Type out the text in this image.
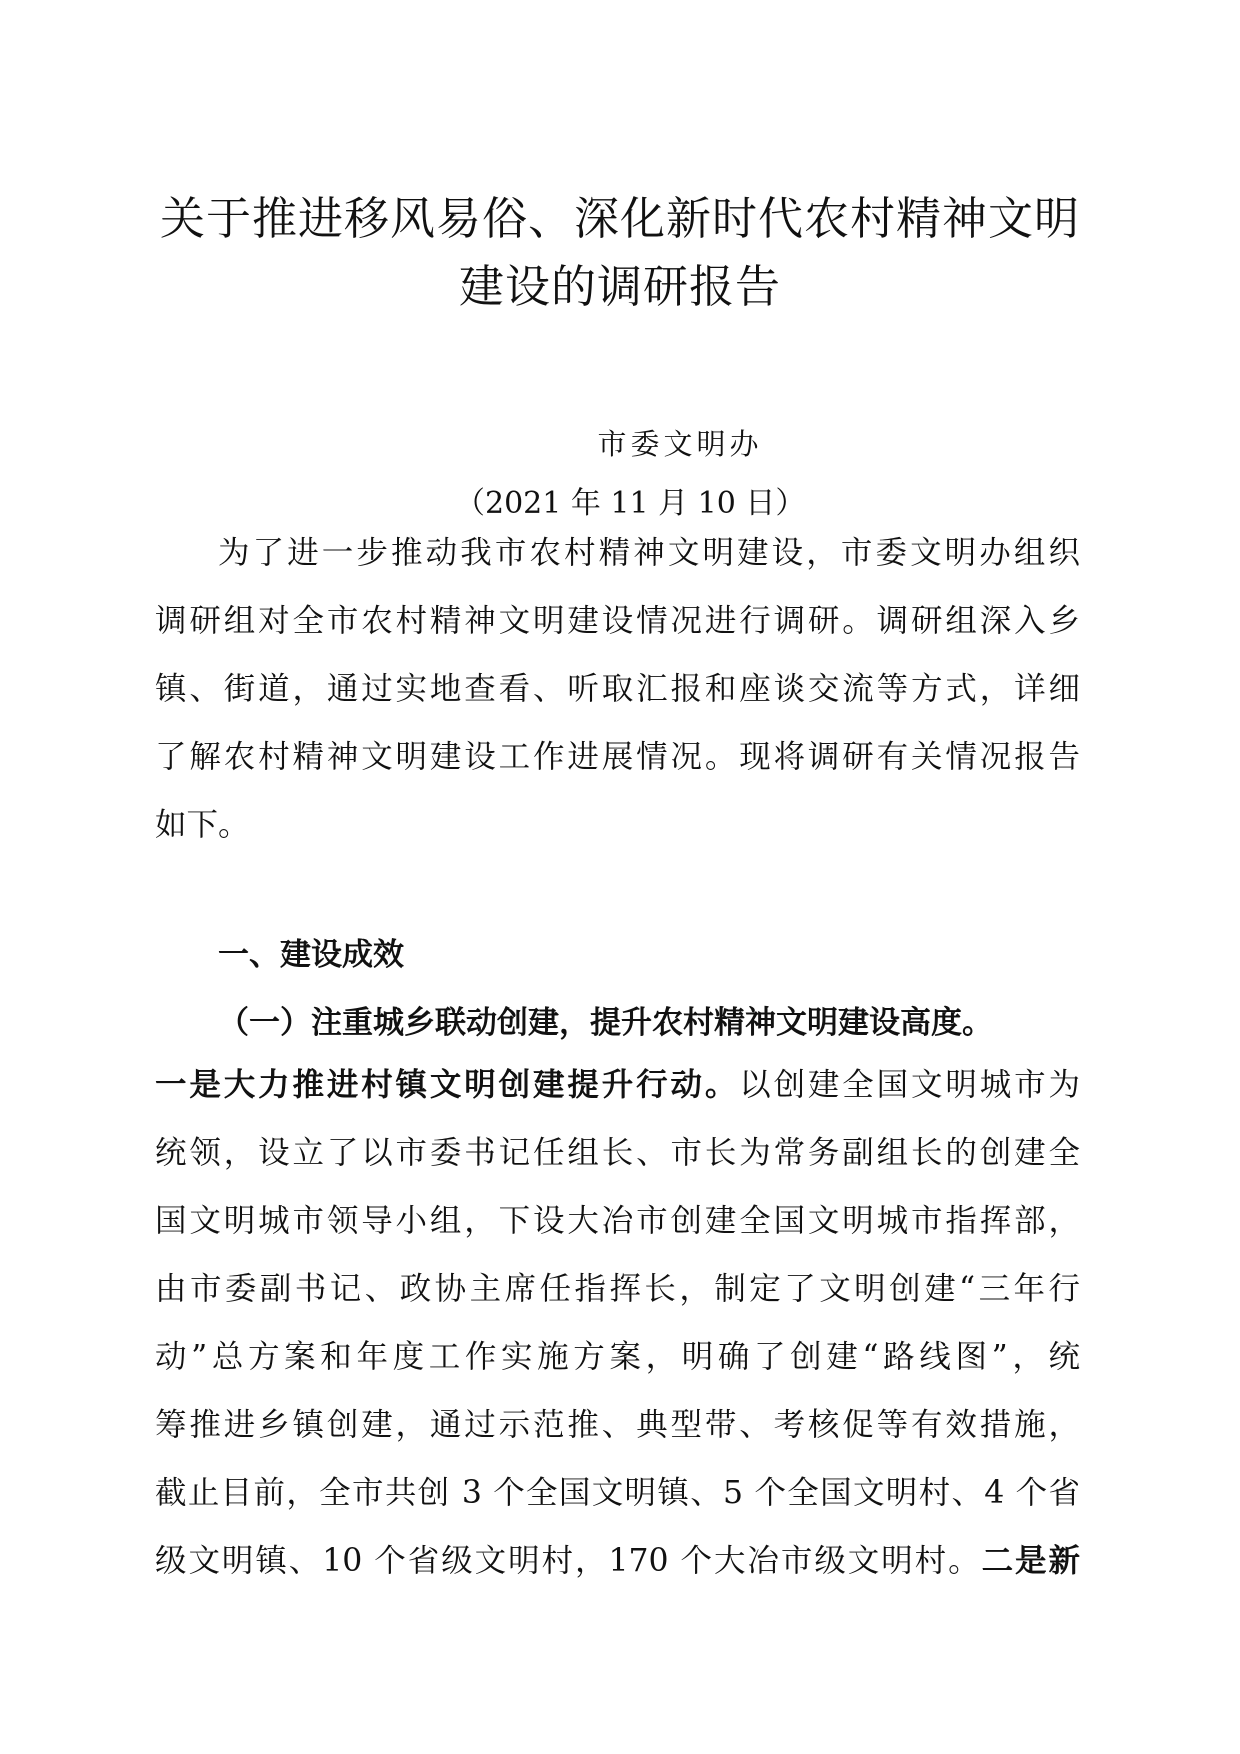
关于推进移风易俗、深化新时代农村精神文明
建设的调研报告
市委文明办
（2021 年 11 月 10 日）
为了进一步推动我市农村精神文明建设，市委文明办组织
调研组对全市农村精神文明建设情况进行调研。调研组深入乡
镇、街道，通过实地查看、听取汇报和座谈交流等方式，详细
了解农村精神文明建设工作进展情况。现将调研有关情况报告
如下。
一、建设成效
（一）注重城乡联动创建，提升农村精神文明建设高度。
一是大力推进村镇文明创建提升行动。以创建全国文明城市为
统领，设立了以市委书记任组长、市长为常务副组长的创建全
国文明城市领导小组，下设大冶市创建全国文明城市指挥部，
由市委副书记、政协主席任指挥长，制定了文明创建“三年行
动”总方案和年度工作实施方案，明确了创建“路线图”，统
筹推进乡镇创建，通过示范推、典型带、考核促等有效措施，
截止目前，全市共创 3 个全国文明镇、5 个全国文明村、4 个省
级文明镇、10 个省级文明村，170 个大冶市级文明村。二是新
